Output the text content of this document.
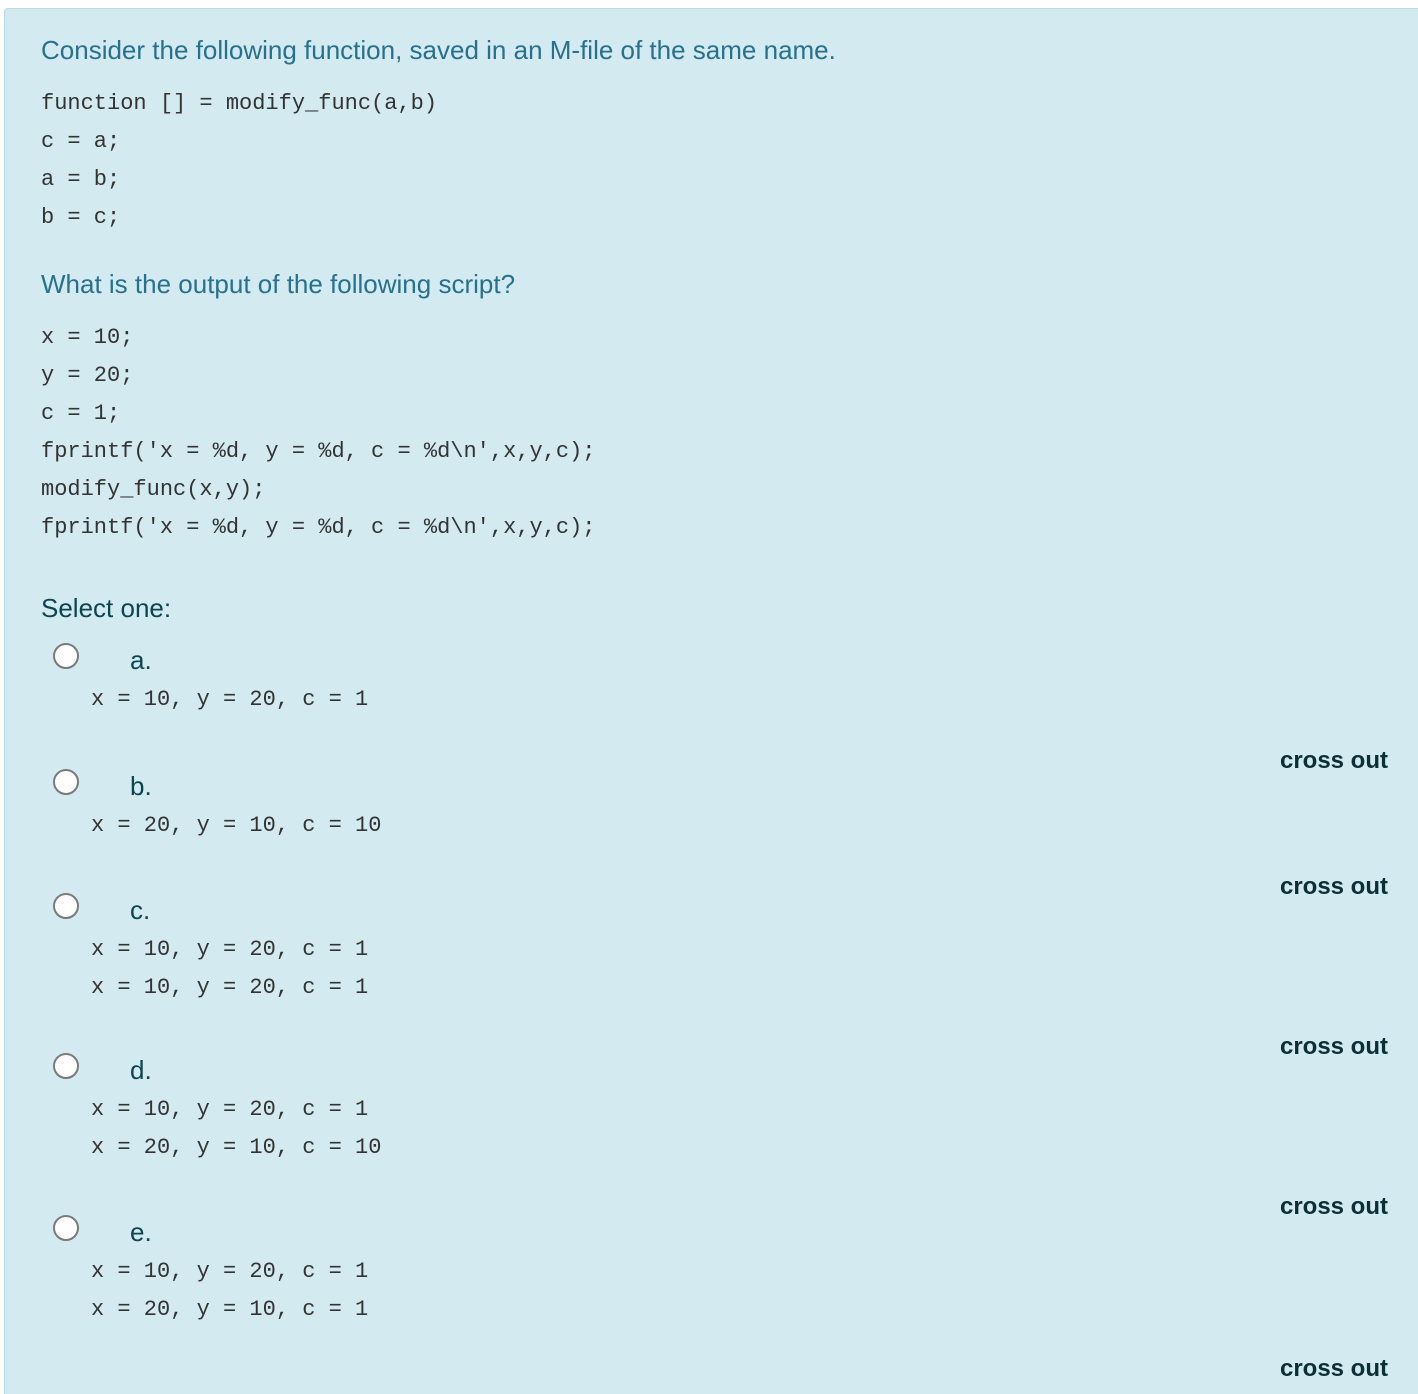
Consider the following function, saved in an M-file of the same name.

function [] = modify_func(a,b)
c = a;
a = b;
b = c;

What is the output of the following script?

x = 10;
y = 20;
c = 1;
fprintf('x = %d, y = %d, c = %d\n',x,y,c);
modify_func(x,y);
fprintf('x = %d, y = %d, c = %d\n',x,y,c);
Select one:
a.
x = 10, y = 20, c = 1
cross out
b.
x = 20, y = 10, c = 10
cross out
c.
x = 10, y = 20, c = 1
x = 10, y = 20, c = 1
cross out
d.
x = 10, y = 20, c = 1
x = 20, y = 10, c = 10
cross out
e.
x = 10, y = 20, c = 1
x = 20, y = 10, c = 1
cross out
